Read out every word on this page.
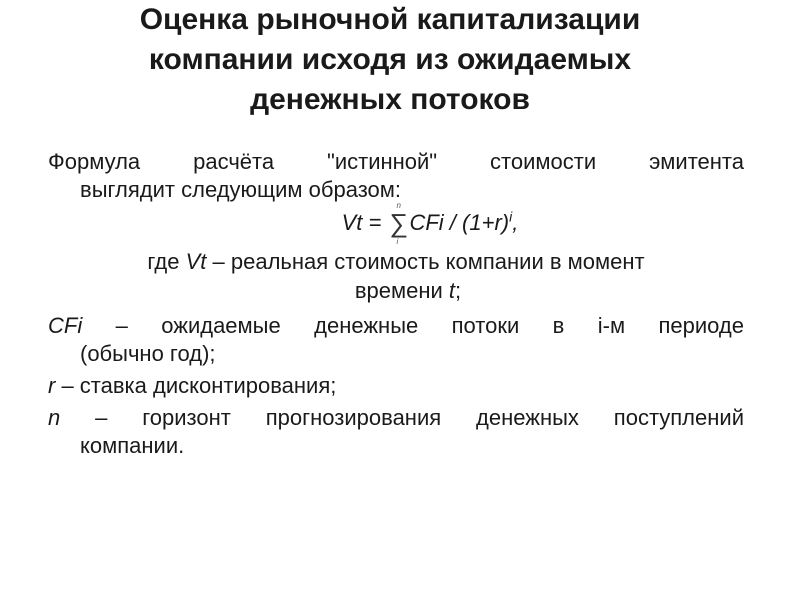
Оценка рыночной капитализации
компании исходя из ожидаемых
денежных потоков
Формула расчёта "истинной" стоимости эмитента
выглядит следующим образом:
Vt =
n
∑
i
CFi / $(1+r)^i$,
где Vt – реальная стоимость компании в момент
времени t;
CFi – ожидаемые денежные потоки в і-м периоде
(обычно год);
r – ставка дисконтирования;
n – горизонт прогнозирования денежных поступлений
компании.
